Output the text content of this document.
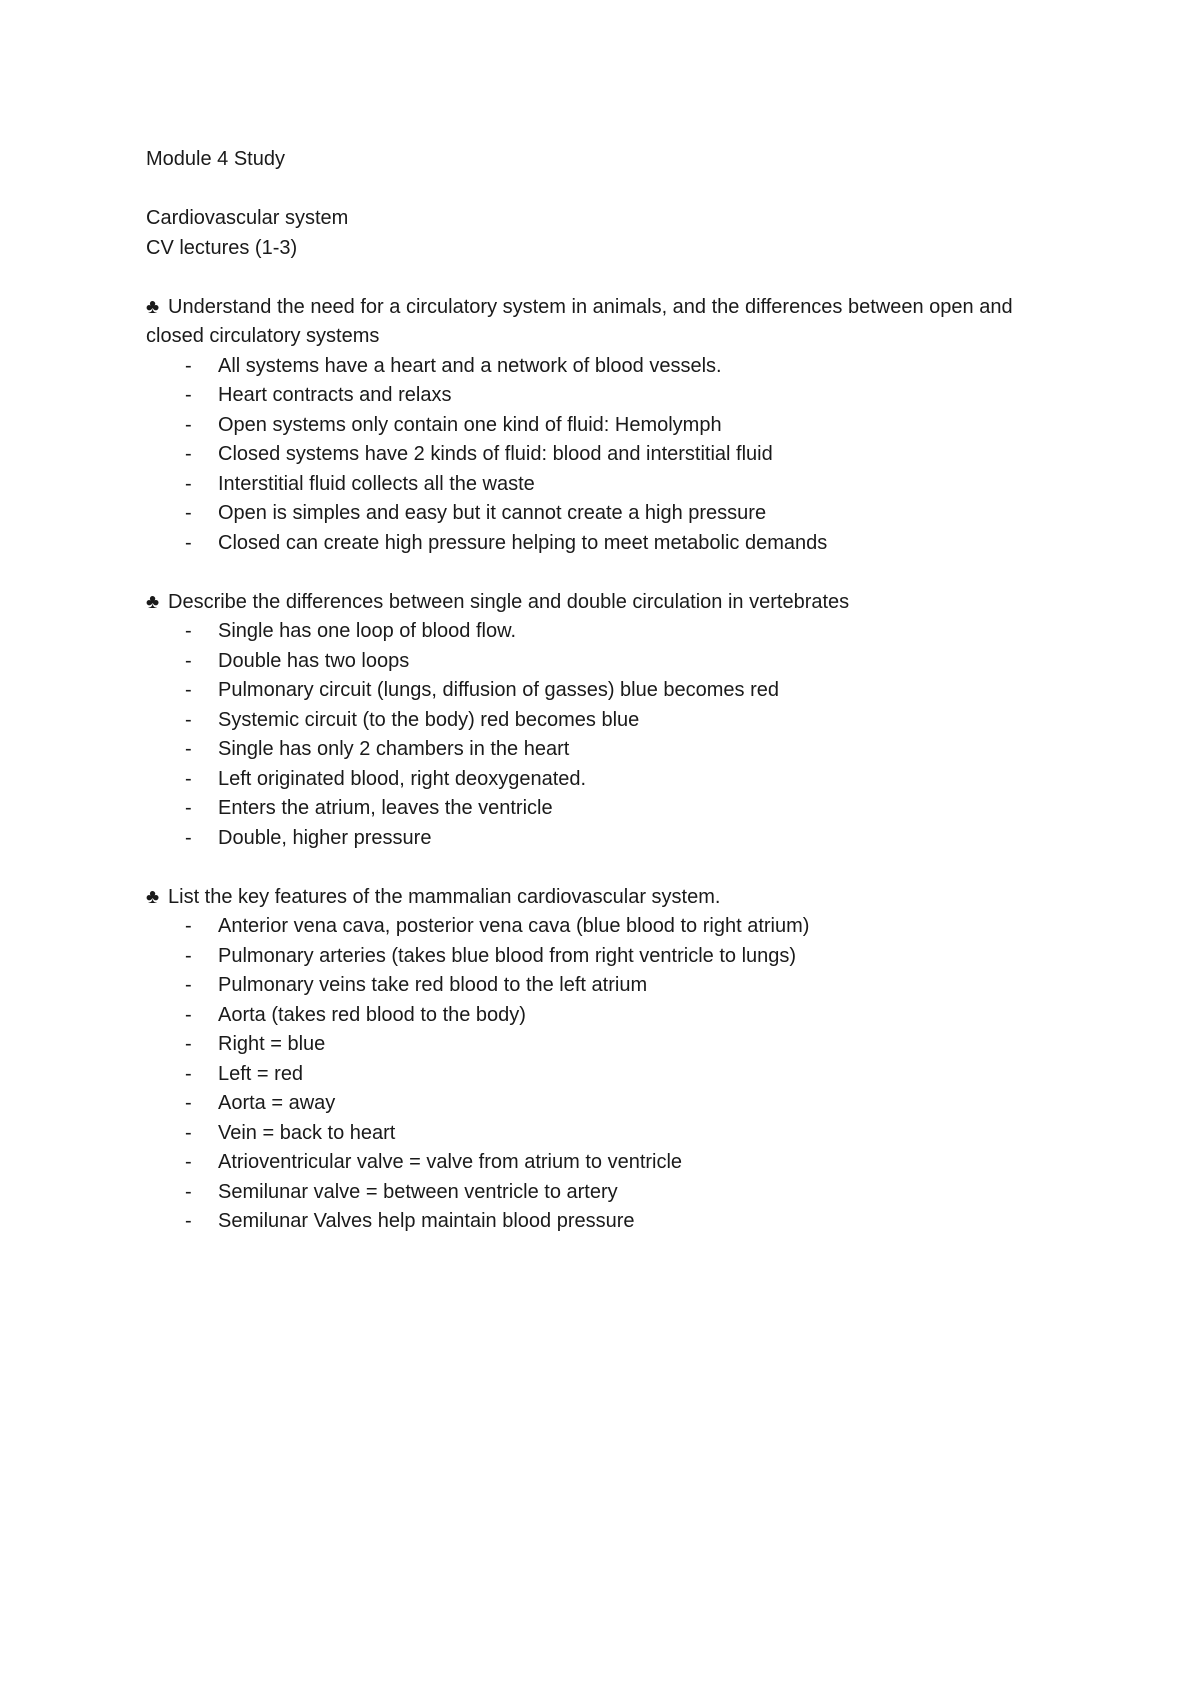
Module 4 Study

Cardiovascular system

CV lectures (1-3)

♣ Understand the need for a circulatory system in animals, and the differences between open and closed circulatory systems

- All systems have a heart and a network of blood vessels.
- Heart contracts and relaxs
- Open systems only contain one kind of fluid: Hemolymph
- Closed systems have 2 kinds of fluid: blood and interstitial fluid
- Interstitial fluid collects all the waste
- Open is simples and easy but it cannot create a high pressure
- Closed can create high pressure helping to meet metabolic demands

♣ Describe the differences between single and double circulation in vertebrates

- Single has one loop of blood flow.
- Double has two loops
- Pulmonary circuit (lungs, diffusion of gasses) blue becomes red
- Systemic circuit (to the body) red becomes blue
- Single has only 2 chambers in the heart
- Left originated blood, right deoxygenated.
- Enters the atrium, leaves the ventricle
- Double, higher pressure

♣ List the key features of the mammalian cardiovascular system.

- Anterior vena cava, posterior vena cava (blue blood to right atrium)
- Pulmonary arteries (takes blue blood from right ventricle to lungs)
- Pulmonary veins take red blood to the left atrium
- Aorta (takes red blood to the body)
- Right = blue
- Left = red
- Aorta = away
- Vein = back to heart
- Atrioventricular valve = valve from atrium to ventricle
- Semilunar valve = between ventricle to artery
- Semilunar Valves help maintain blood pressure
